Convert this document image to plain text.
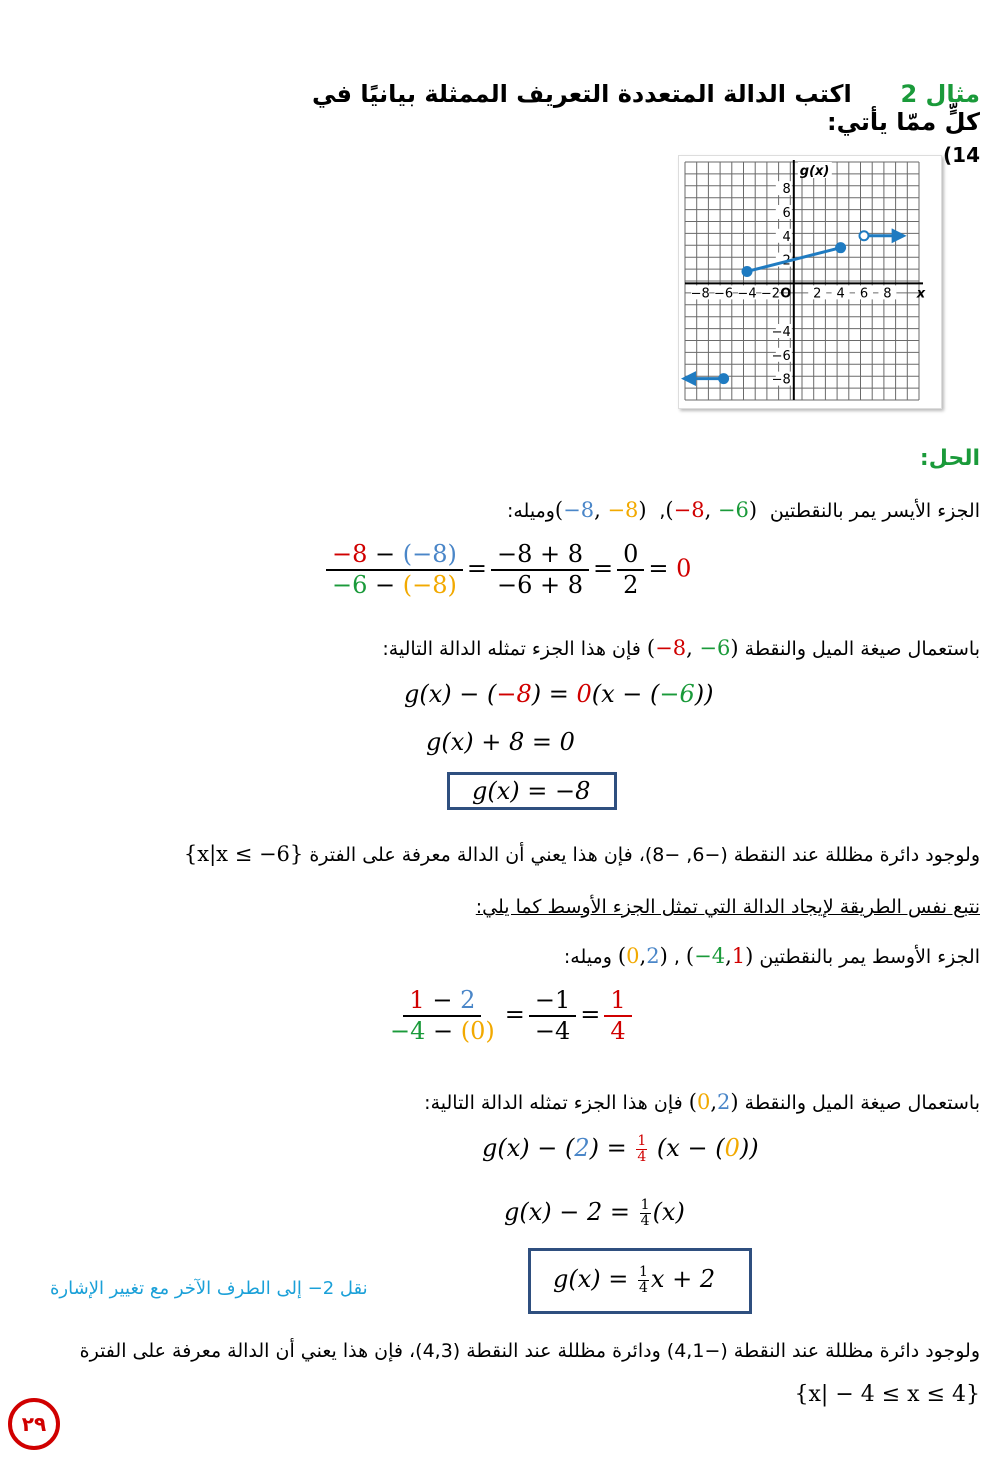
مثال 2  اكتب الدالة المتعددة التعريف الممثلة بيانيًا في كلٍّ ممّا يأتي:
(14
−8 −6 −4 −2	2 4 6 8
8
6
4
−4
−6
−8
O	x
g(x)
الحل:
الجزء الأيسر يمر بالنقطتين (−8, −6) , (−8, −8) وميله:
$\frac{-8 - (-8)}{-6 - (-8)} = \frac{-8 + 8}{-6 + 8} = \frac{0}{2} = 0$
باستعمال صيغة الميل والنقطة (−8, −6) فإن هذا الجزء تمثله الدالة التالية:
g(x) − (−8) = 0(x − (−6))
g(x) + 8 = 0
g(x) = −8
ولوجود دائرة مظللة عند النقطة (−6, −8)، فإن هذا يعني أن الدالة معرفة على الفترة {x|x ≤ −6}
نتبع نفس الطريقة لإيجاد الدالة التي تمثل الجزء الأوسط كما يلي:
الجزء الأوسط يمر بالنقطتين (−4,1) , (0,2) وميله:
$\frac{1 - 2}{-4 - (0)} = \frac{-1}{-4} = \frac{1}{4}$
باستعمال صيغة الميل والنقطة (0,2) فإن هذا الجزء تمثله الدالة التالية:
$g(x) - (2) = \frac{1}{4} (x - (0))$
$g(x) - 2 = \frac{1}{4} (x)$
$g(x) = \frac{1}{4}$ x + 2
نقل 2− إلى الطرف الآخر مع تغيير الإشارة
ولوجود دائرة مظللة عند النقطة (−4,1) ودائرة مظللة عند النقطة (4,3)، فإن هذا يعني أن الدالة معرفة على الفترة
{x| − 4 ≤ x ≤ 4}
٢٩
